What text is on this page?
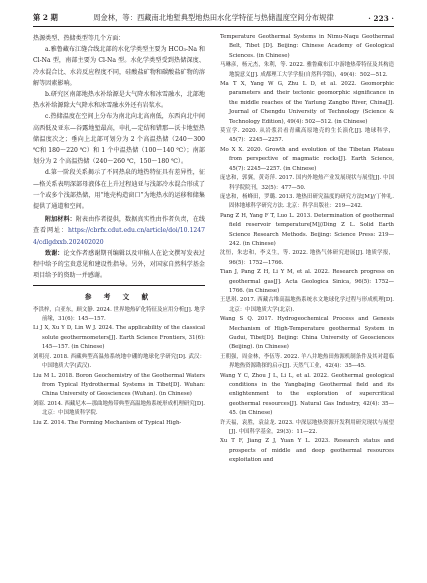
第 2 期	周金林，等：西藏南北地堑典型地热田水化学特征与热储温度空间分布规律	· 223 ·

热源类型、热储类型等几个方面：

a.雅鲁藏布江缝合线北部的水化学类型主要为 HCO₃-Na 和 Cl-Na 型，南部主要为 Cl-Na 型。水化学类型受到热储深度、冷水混合比、水岩反应程度不同，硅酸盐矿物和碳酸盐矿物的溶解等因素影响。

b.研究区南部地热水补给源是大气降水和冰雪融水，北部地热水补给源除大气降水和冰雪融水外还有岩浆水。

c.热储温度在空间上分布为南北向北高南低，东西向北中间高西低及亚东—谷露地堑最高，申扎—定结和错那—沃卡地堑热储温度次之；垂向上北部可划分为 2 个高温热储（240～300 ℃和 180～220 ℃）和 1 个中温热储（100～140 ℃）；南部划分为 2 个高温热储（240～260 ℃，150～180 ℃）。

d.第一阶段关系揭示了不同热泉的地热特征具有差异性，征—格关系表明深部母液体在上升过程迪亚与浅部冷水混合形成了一个或多个浅部热储，用“地壳构造窗口”为地热水的运移和储集提供了通道和空间。

附加材料：附表由作者提供，数据真实性由作者负责，在线查看网址：https://cbrfx.cdut.edu.cn/article/doi/10.12474/cdlgdxxb.202402020

致谢：论文作者感谢期刊编辑以及审稿人在论文撰写发表过程中给予的宝贵意见和建设性指导。另外，对国家自然科学基金项目给予的资助一并感谢。

参 考 文 献

李洪梓，白亚东，顾文静. 2024. 世界地热矿化特征及应用分析[J]. 地学前缘，31(6)：145—157.

Li J X, Xu Y D, Lin W J. 2024. The applicability of the classical solute geothermometers[J]. Earth Science Frontiers, 31(6): 145—157. (in Chinese)

刘明亮. 2018. 西藏典型高温热系统地中硼的地球化学研究[D]. 武汉：中国地质大学(武汉).

Liu M L. 2018. Boron Geochemistry of the Geothermal Waters from Typical Hydrothermal Systems in Tibet[D]. Wuhan: China University of Geosciences (Wuhan). (in Chinese)

刘昭. 2014. 西藏尼木—那曲地热带典型高温地热系统形成机理研究[D]. 北京：中国地质科学院.

Liu Z. 2014. The Forming Mechanism of Typical High-

Temperature Geothermal Systems in Nimu-Naqu Geothermal Belt, Tibet [D]. Beijing: Chinese Academy of Geological Sciences. (in Chinese)

马琳彦，杨元杰，朱利，等. 2022. 雅鲁藏布江中游地热带特征及其构造地貌意义[J]. 成都理工大学学报(自然科学版)，49(4)：502—512.

Ma T X, Yang W G, Zhu L D, et al. 2022. Geomorphic parameters and their tectonic geomorphic significance in the middle reaches of the Yarlung Zangbo River, China[J]. Journal of Chengdu University of Technology (Science & Technology Edition), 49(4): 502—512. (in Chinese)

莫宣学. 2020. 从岩浆岩看青藏高原地壳的生长演化[J]. 地球科学，45(7)：2245—2257.

Mo X X. 2020. Growth and evolution of the Tibetan Plateau from perspective of magmatic rocks[J]. Earth Science, 45(7): 2245—2257. (in Chinese)

庞忠和，郭翼，黄奇萍. 2017. 国内外地热产业发展现状与展望[J]. 中国科学院院刊，32(5)：477—50.

庞忠和，杨峰田，罗璐. 2013. 地热田研究温度的研究方法[M]//丁仲礼. 固体地球科学研究方法. 北京：科学出版社：219—242.

Pang Z H, Yang F T, Luo L. 2013. Determination of geothermal field reservoir temperature[M]//Ding Z L. Solid Earth Science Research Methods. Beijing: Science Press: 219—242. (in Chinese)

沈恒，朱忠和，李义生，等. 2022. 地热气体研究进展[J]. 地质学报，96(5)：1752—1766.

Tian J, Pang Z H, Li Y M, et al. 2022. Research progress on geothermal gas[J]. Acta Geologica Sinica, 96(5): 1752—1766. (in Chinese)

王思琪. 2017. 西藏古堆高温地热系统水文地球化学过程与形成机理[D]. 北京：中国地质大学(北京).

Wang S Q. 2017. Hydrogeochemical Process and Genesis Mechanism of High-Temperature geothermal System in Gudui, Tibet[D]. Beijing: China University of Geosciences (Beijing). (in Chinese)

王朝强，周金林，李伍等. 2022. 羊八井地热田热源机制条件及其对超临界地热资源勘探的启示[J]. 天然气工业，42(4)：35—45.

Wang Y C, Zhou J L, Li L, et al. 2022. Geothermal geological conditions in the Yangbajing Geothermal field and its enlightenment to the exploration of supercritical geothermal resources[J]. Natural Gas Industry, 42(4): 35—45. (in Chinese)

许天福，袁胜，袁益龙. 2023. 中深层地热资源开发利用研究现状与展望[J]. 中国科学基金，29(3)：11—22.

Xu T F, Jiang Z J, Yuan Y L. 2023. Research status and prospects of middle and deep geothermal resources exploitation and
